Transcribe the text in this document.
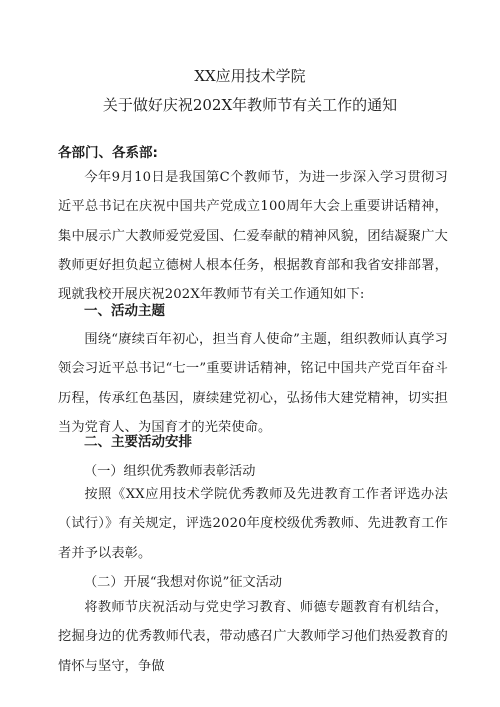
XX应用技术学院
关于做好庆祝202X年教师节有关工作的通知
各部门、各系部:
今年9月10日是我国第C个教师节，为进一步深入学习贯彻习近平总书记在庆祝中国共产党成立100周年大会上重要讲话精神，集中展示广大教师爱党爱国、仁爱奉献的精神风貌，团结凝聚广大教师更好担负起立德树人根本任务，根据教育部和我省安排部署，现就我校开展庆祝202X年教师节有关工作通知如下:
一、活动主题
围绕“赓续百年初心，担当育人使命”主题，组织教师认真学习领会习近平总书记“七一”重要讲话精神，铭记中国共产党百年奋斗历程，传承红色基因，赓续建党初心，弘扬伟大建党精神，切实担当为党育人、为国育才的光荣使命。
二、主要活动安排
（一）组织优秀教师表彰活动
按照《XX应用技术学院优秀教师及先进教育工作者评选办法（试行）》有关规定，评选2020年度校级优秀教师、先进教育工作者并予以表彰。
（二）开展“我想对你说”征文活动
将教师节庆祝活动与党史学习教育、师德专题教育有机结合，挖掘身边的优秀教师代表，带动感召广大教师学习他们热爱教育的情怀与坚守，争做
